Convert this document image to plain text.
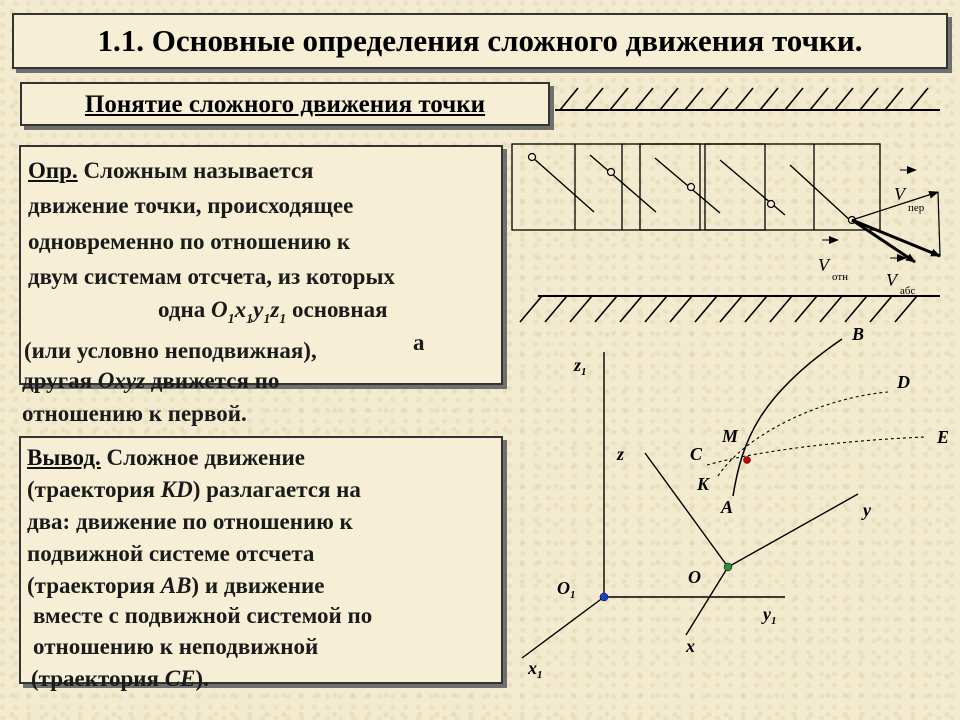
1.1. Основные определения сложного движения точки.
Понятие сложного движения точки
Опр. Сложным называется
движение точки, происходящее
одновременно по отношению к
двум системам отсчета, из которых
одна $O_1x_1y_1z_1$ основная
(или условно неподвижная),	а
другая Oxyz движется по
отношению к первой.
Вывод. Сложное движение
(траектория KD) разлагается на
два: движение по отношению к
подвижной системе отсчета
(траектория AB) и движение
вместе с подвижной системой по
отношению к неподвижной
(траектория CE).
V
пер
V
отн V
абс
B
D
E
M
C
K
A
$z_1$
z
y
O
$O_1$
$y_1$
x
$x_1$
